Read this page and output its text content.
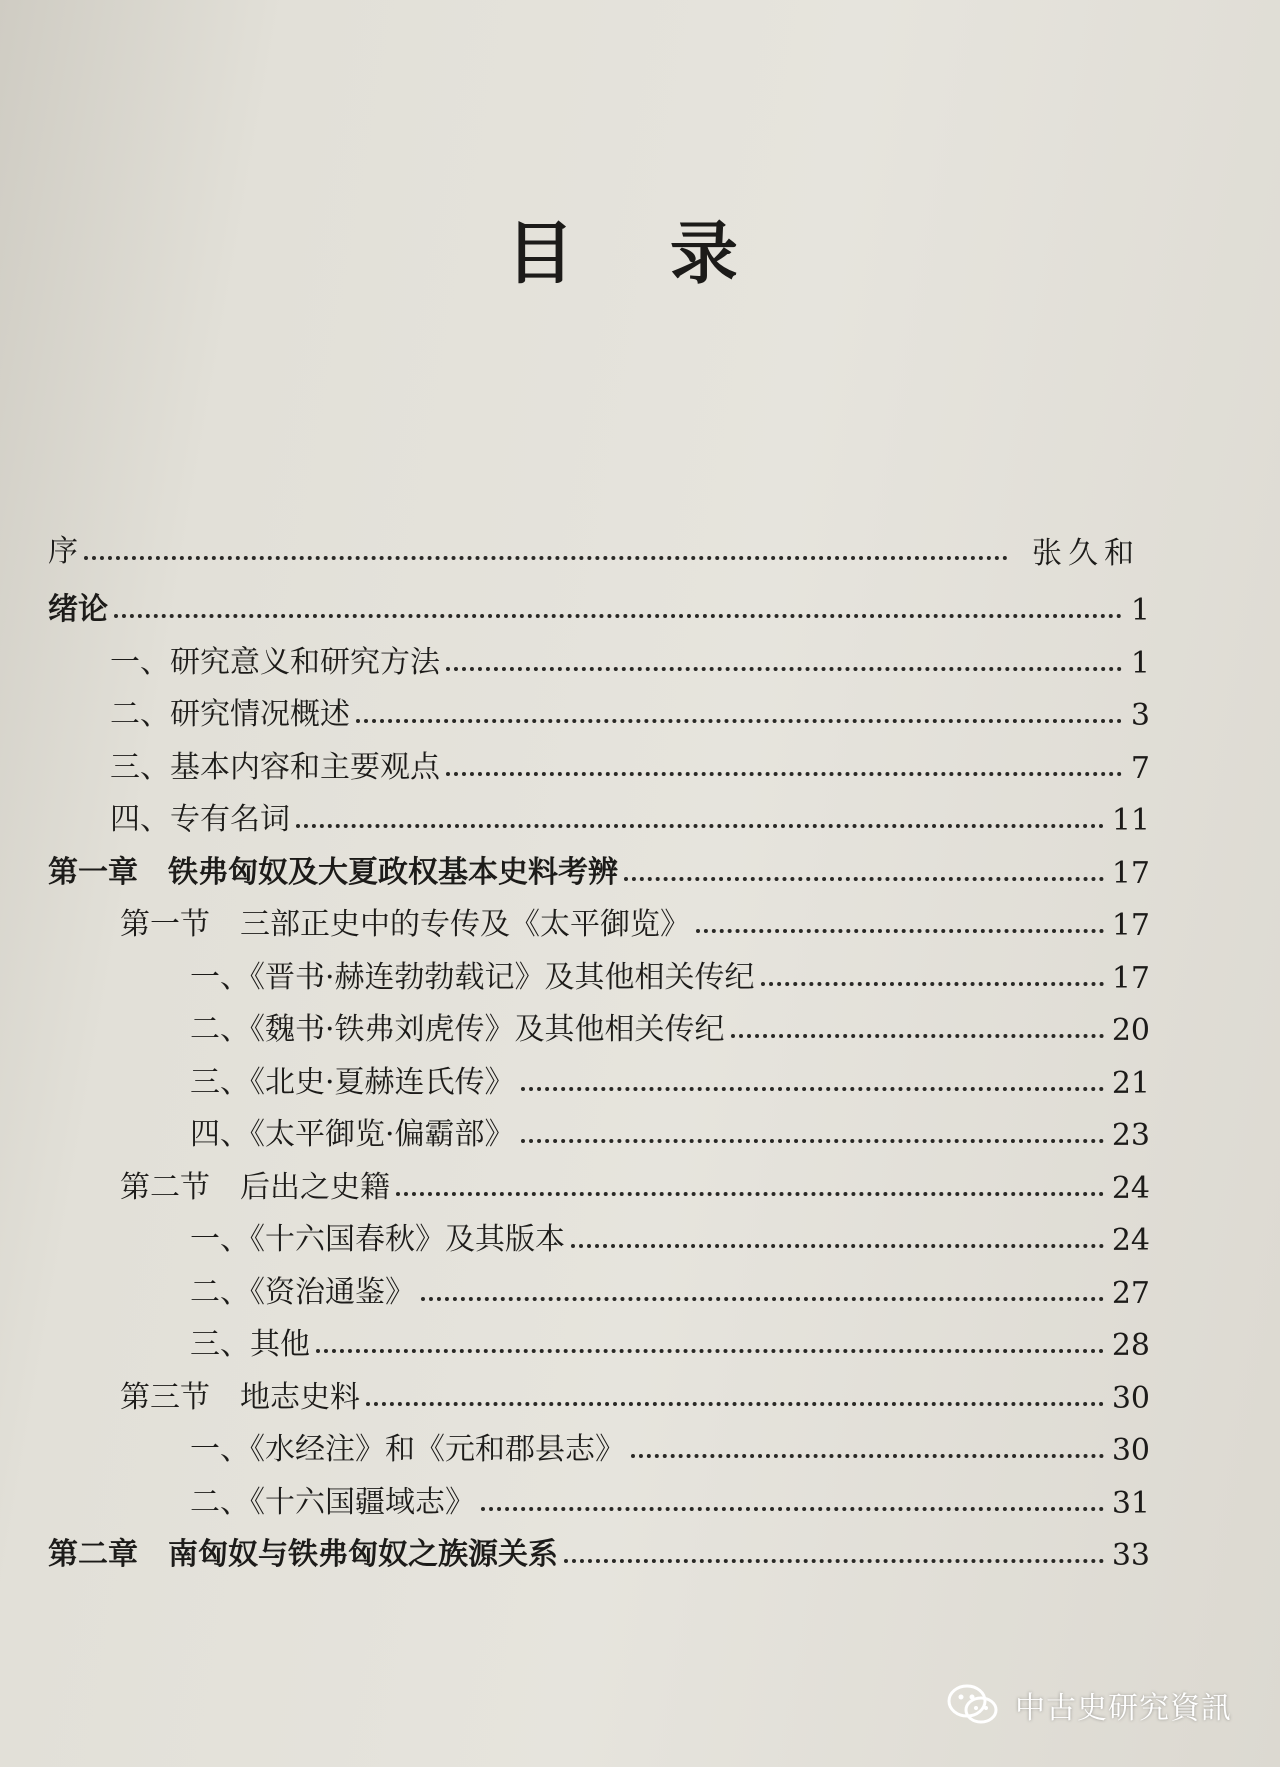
目 录
序	张久和
绪论	1
一、研究意义和研究方法	1
二、研究情况概述	3
三、基本内容和主要观点	7
四、专有名词	11
第一章　铁弗匈奴及大夏政权基本史料考辨	17
第一节　三部正史中的专传及《太平御览》	17
一、《晋书·赫连勃勃载记》及其他相关传纪	17
二、《魏书·铁弗刘虎传》及其他相关传纪	20
三、《北史·夏赫连氏传》	21
四、《太平御览·偏霸部》	23
第二节　后出之史籍	24
一、《十六国春秋》及其版本	24
二、《资治通鉴》	27
三、其他	28
第三节　地志史料	30
一、《水经注》和《元和郡县志》	30
二、《十六国疆域志》	31
第二章　南匈奴与铁弗匈奴之族源关系	33
中古史研究資訊
